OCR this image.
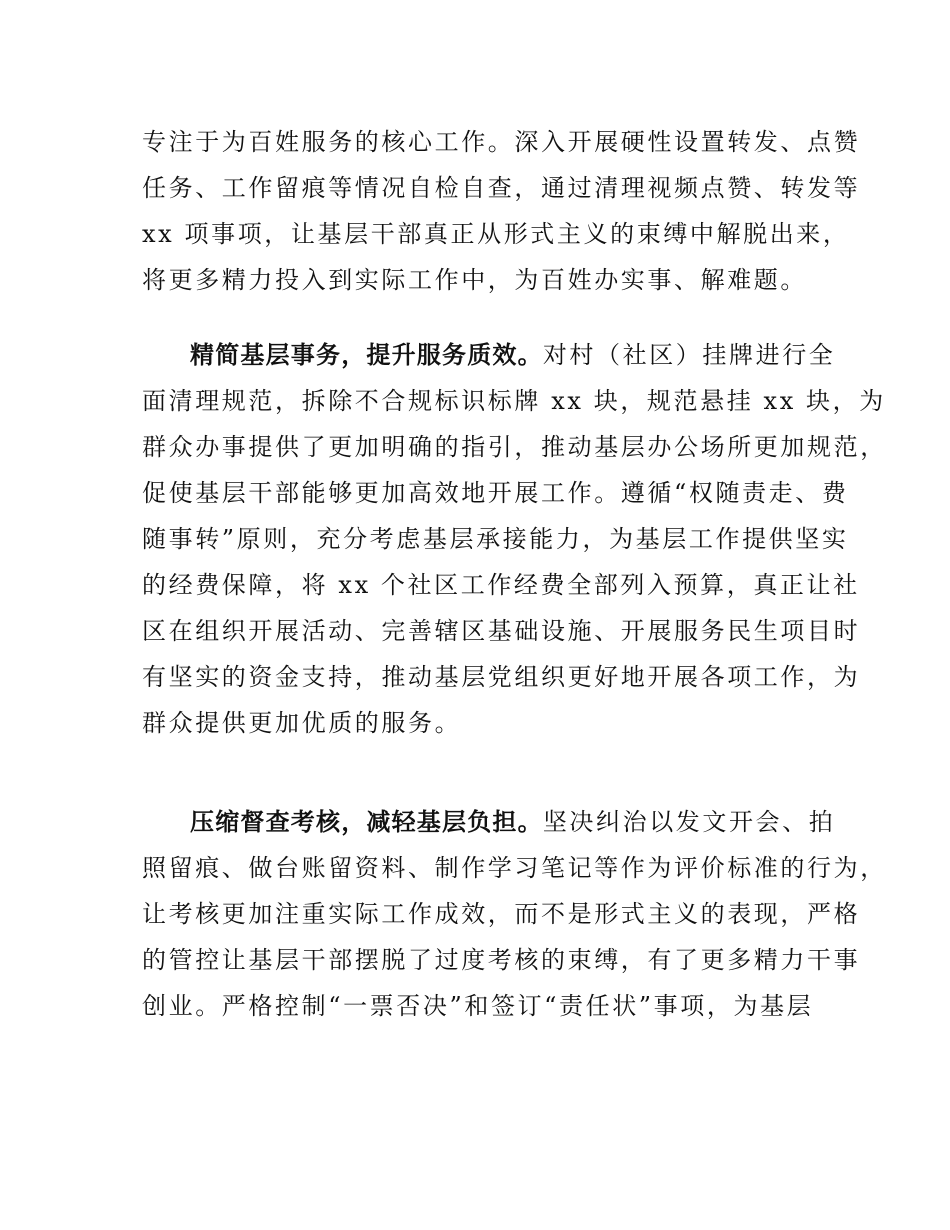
专注于为百姓服务的核心工作。深入开展硬性设置转发、点赞
任务、工作留痕等情况自检自查，通过清理视频点赞、转发等
xx 项事项，让基层干部真正从形式主义的束缚中解脱出来，
将更多精力投入到实际工作中，为百姓办实事、解难题。
精简基层事务，提升服务质效。对村（社区）挂牌进行全
面清理规范，拆除不合规标识标牌 xx 块，规范悬挂 xx 块，为
群众办事提供了更加明确的指引，推动基层办公场所更加规范，
促使基层干部能够更加高效地开展工作。遵循“权随责走、费
随事转”原则，充分考虑基层承接能力，为基层工作提供坚实
的经费保障，将 xx 个社区工作经费全部列入预算，真正让社
区在组织开展活动、完善辖区基础设施、开展服务民生项目时
有坚实的资金支持，推动基层党组织更好地开展各项工作，为
群众提供更加优质的服务。
压缩督查考核，减轻基层负担。坚决纠治以发文开会、拍
照留痕、做台账留资料、制作学习笔记等作为评价标准的行为，
让考核更加注重实际工作成效，而不是形式主义的表现，严格
的管控让基层干部摆脱了过度考核的束缚，有了更多精力干事
创业。严格控制“一票否决”和签订“责任状”事项，为基层
